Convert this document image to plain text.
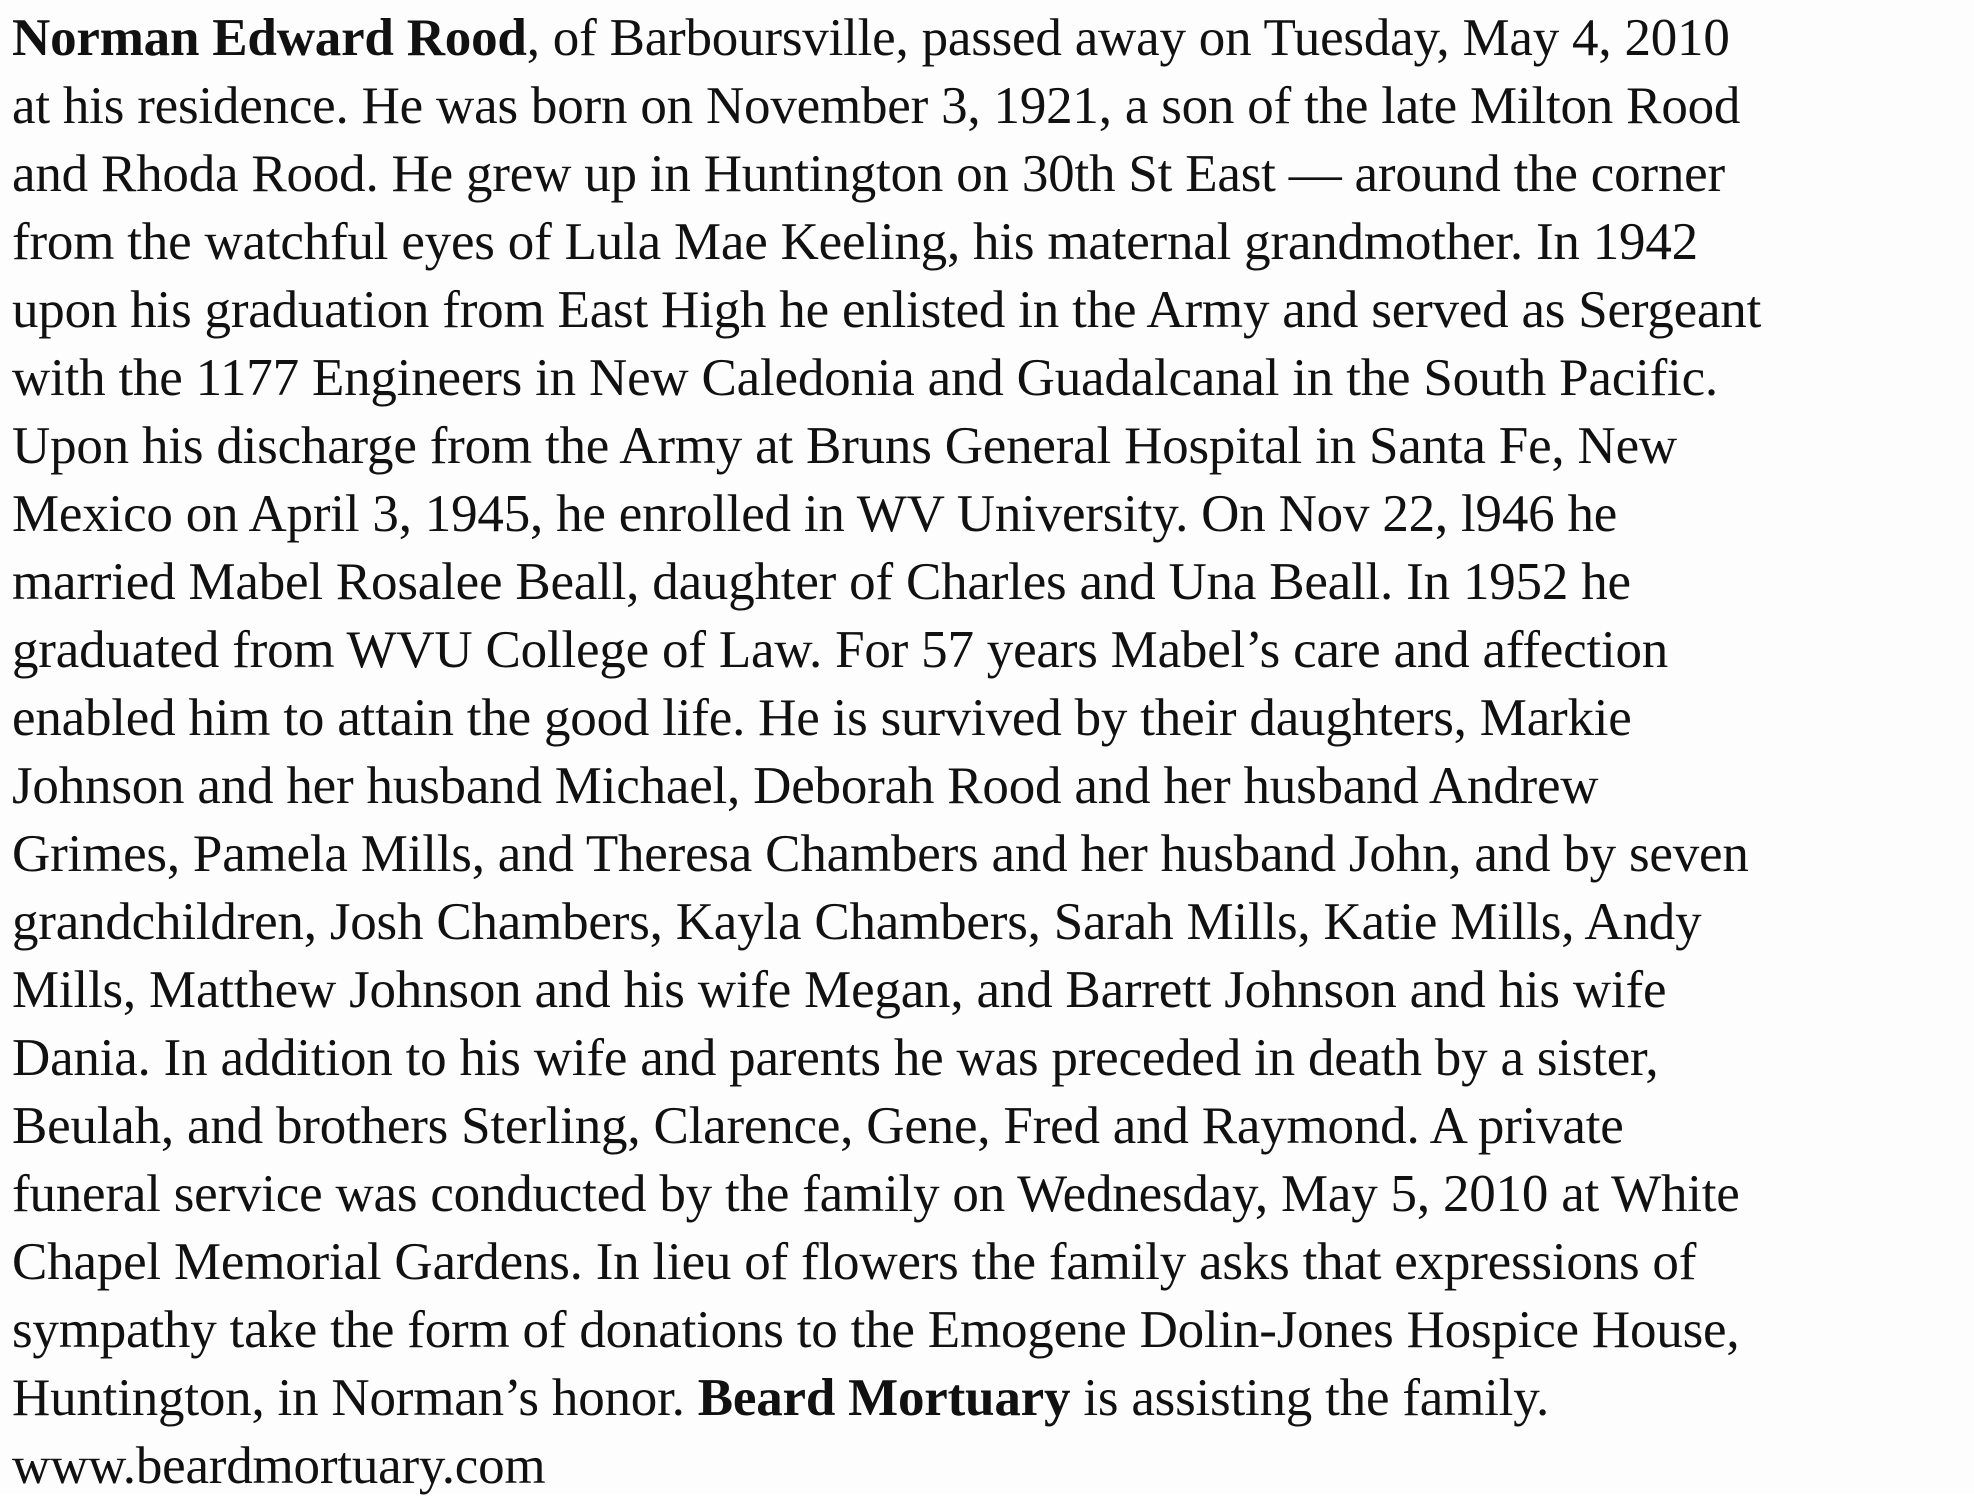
Norman Edward Rood, of Barboursville, passed away on Tuesday, May 4, 2010
at his residence. He was born on November 3, 1921, a son of the late Milton Rood
and Rhoda Rood. He grew up in Huntington on 30th St East — around the corner
from the watchful eyes of Lula Mae Keeling, his maternal grandmother. In 1942
upon his graduation from East High he enlisted in the Army and served as Sergeant
with the 1177 Engineers in New Caledonia and Guadalcanal in the South Pacific.
Upon his discharge from the Army at Bruns General Hospital in Santa Fe, New
Mexico on April 3, 1945, he enrolled in WV University. On Nov 22, l946 he
married Mabel Rosalee Beall, daughter of Charles and Una Beall. In 1952 he
graduated from WVU College of Law. For 57 years Mabel’s care and affection
enabled him to attain the good life. He is survived by their daughters, Markie
Johnson and her husband Michael, Deborah Rood and her husband Andrew
Grimes, Pamela Mills, and Theresa Chambers and her husband John, and by seven
grandchildren, Josh Chambers, Kayla Chambers, Sarah Mills, Katie Mills, Andy
Mills, Matthew Johnson and his wife Megan, and Barrett Johnson and his wife
Dania. In addition to his wife and parents he was preceded in death by a sister,
Beulah, and brothers Sterling, Clarence, Gene, Fred and Raymond. A private
funeral service was conducted by the family on Wednesday, May 5, 2010 at White
Chapel Memorial Gardens. In lieu of flowers the family asks that expressions of
sympathy take the form of donations to the Emogene Dolin-Jones Hospice House,
Huntington, in Norman’s honor. Beard Mortuary is assisting the family.
www.beardmortuary.com
